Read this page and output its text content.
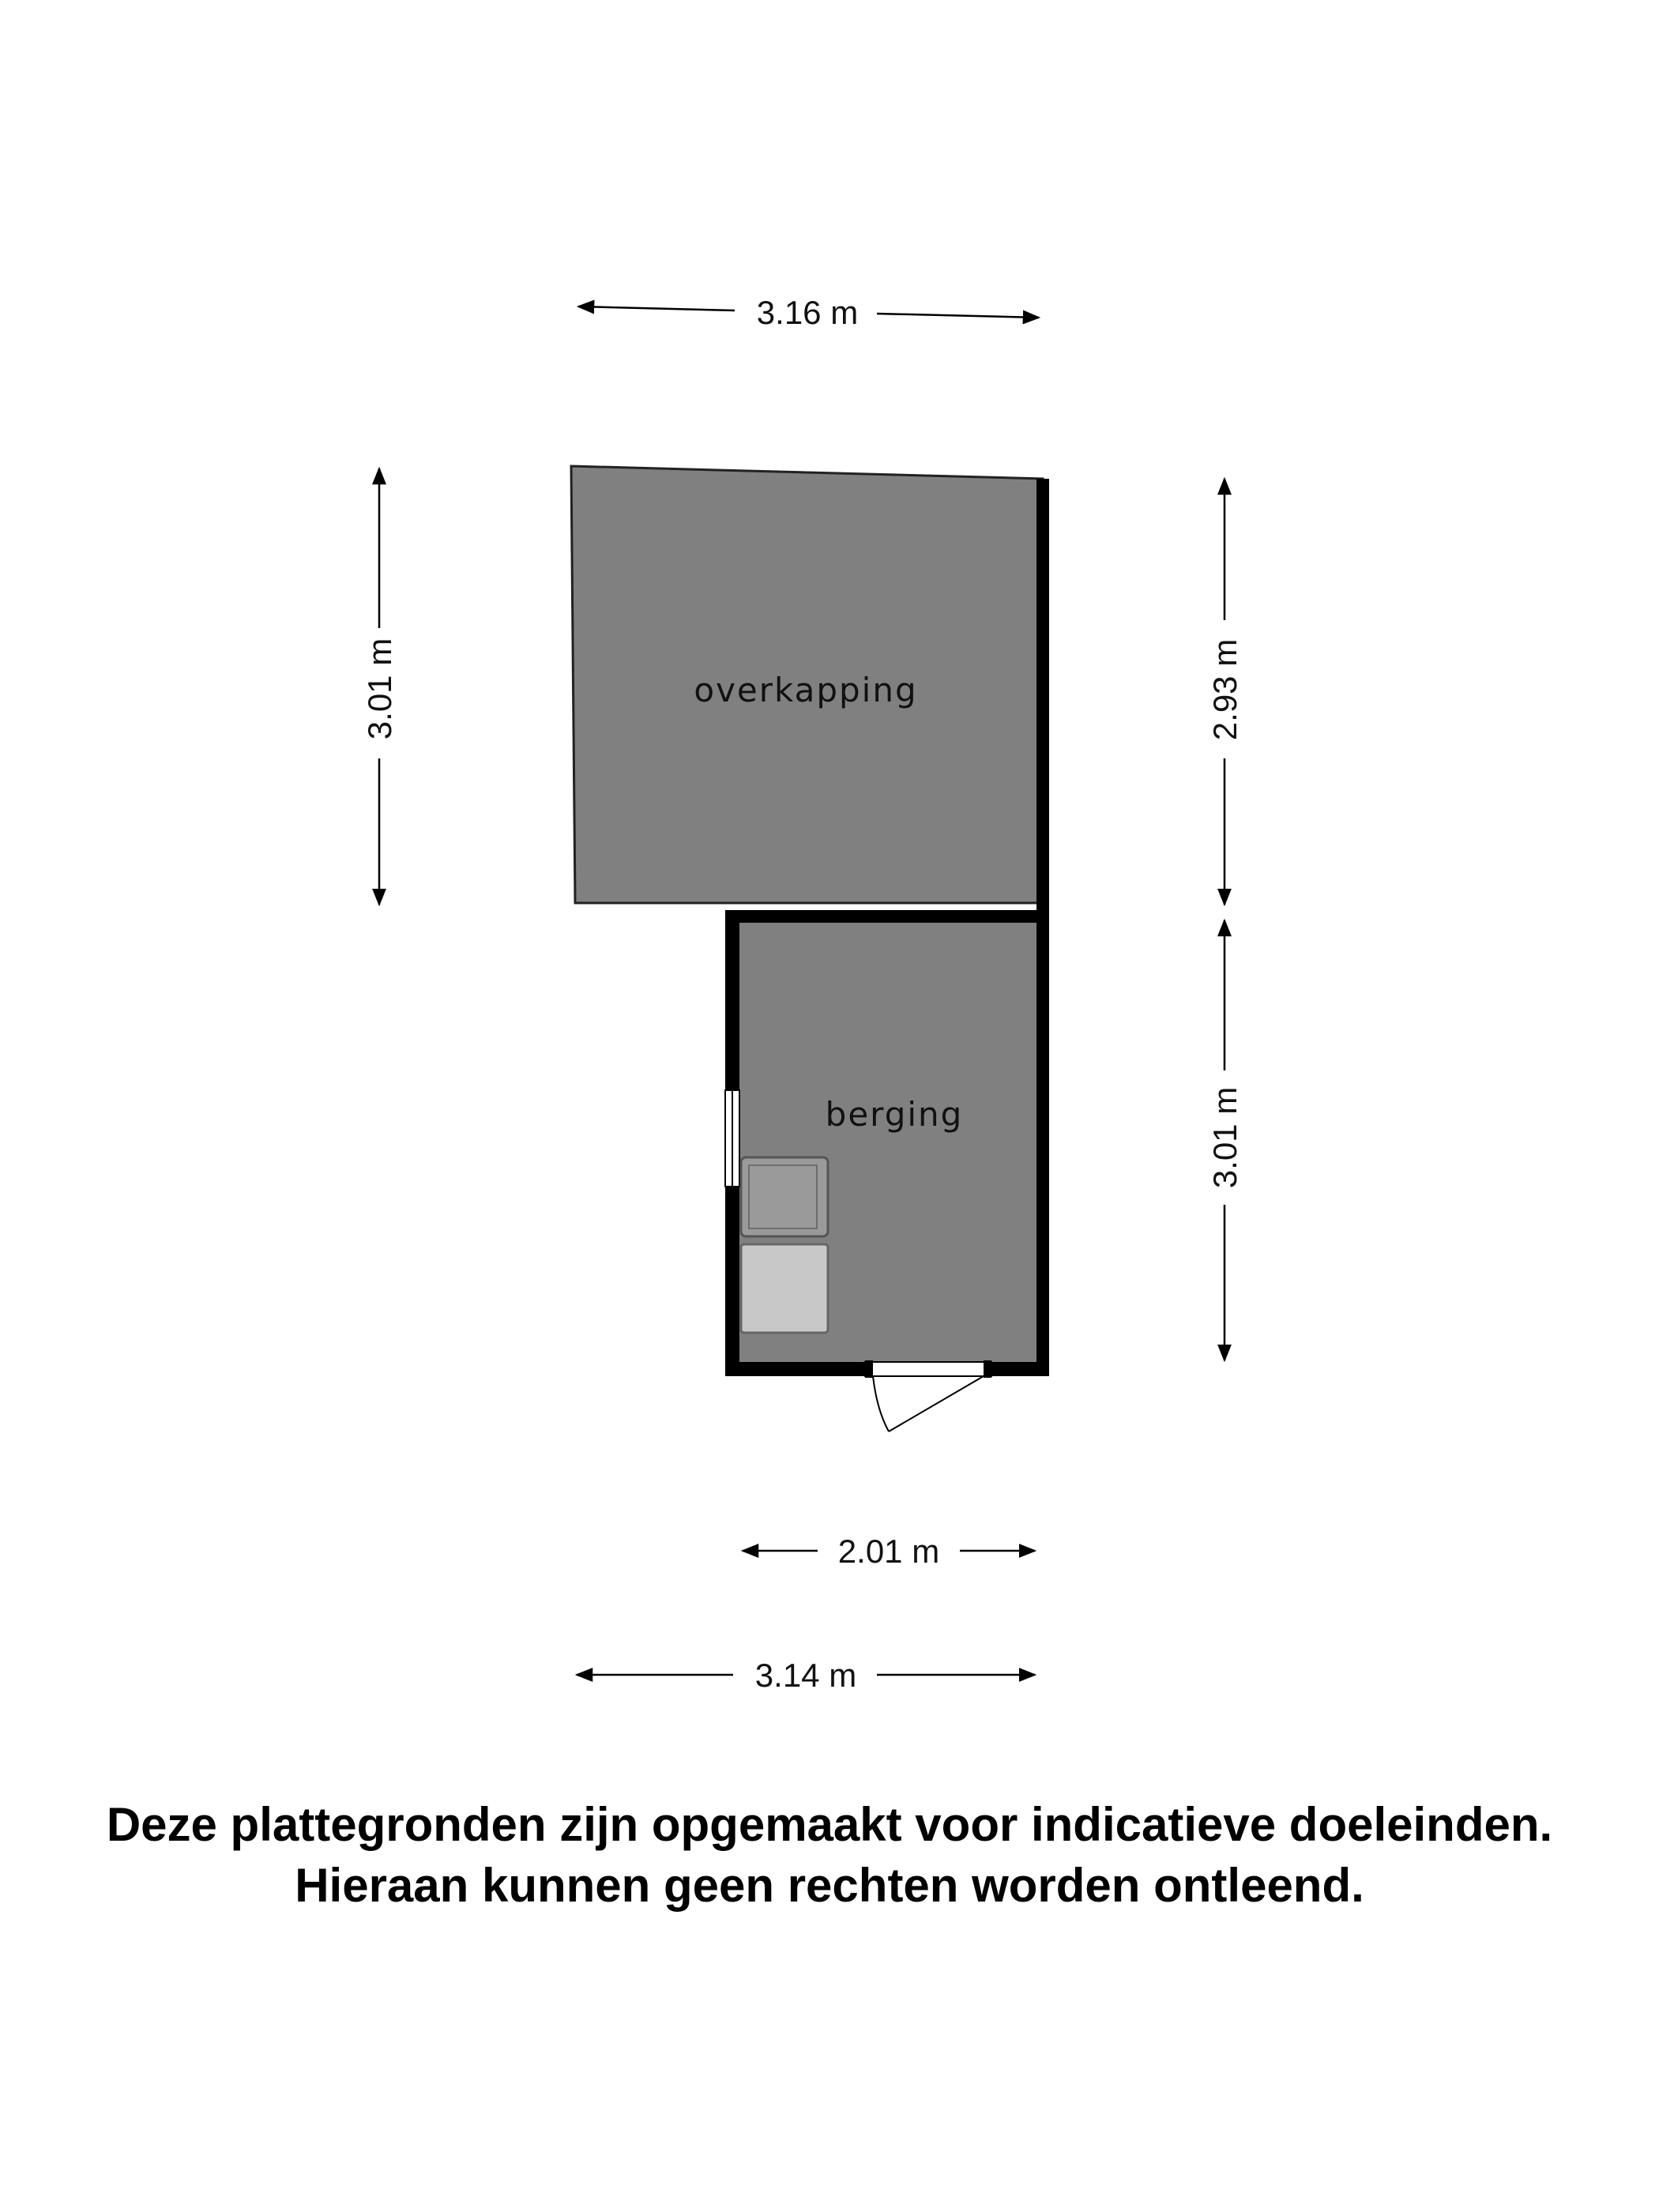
overkapping
berging
3.16 m
3.01 m	2.93 m
3.01 m
2.01 m
3.14 m
Deze plattegronden zijn opgemaakt voor indicatieve doeleinden.
Hieraan kunnen geen rechten worden ontleend.
